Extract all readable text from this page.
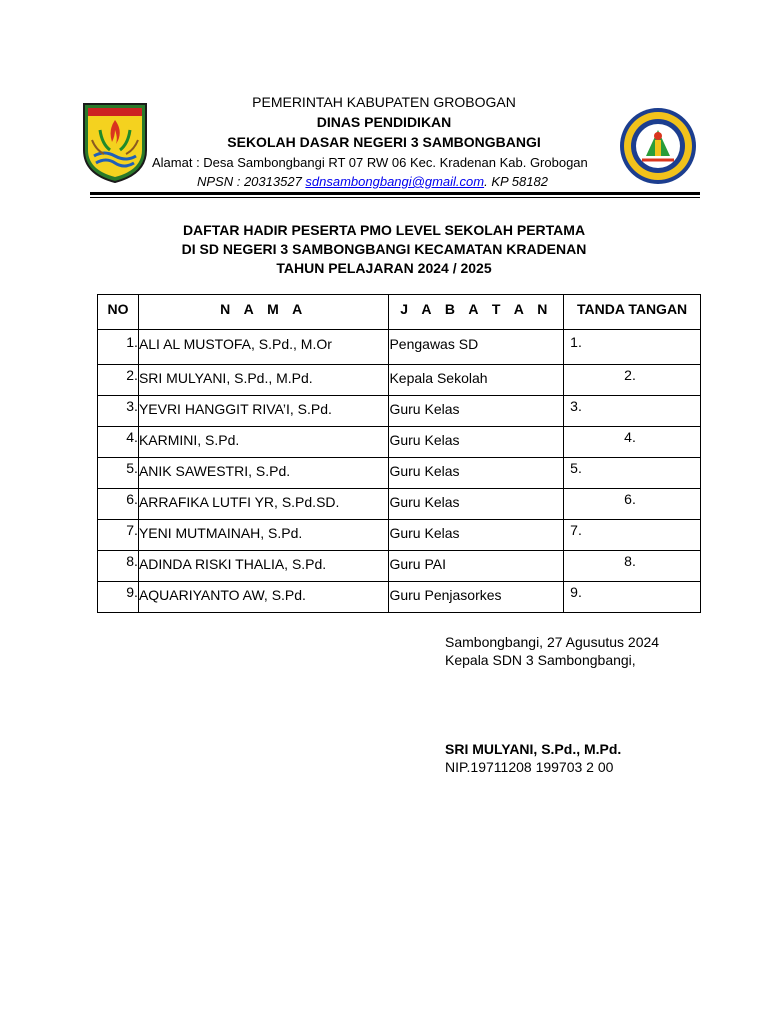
PEMERINTAH KABUPATEN GROBOGAN
DINAS PENDIDIKAN
SEKOLAH DASAR NEGERI 3 SAMBONGBANGI
Alamat : Desa Sambongbangi RT 07 RW 06 Kec. Kradenan Kab. Grobogan
NPSN : 20313527 sdnsambongbangi@gmail.com. KP 58182
DAFTAR HADIR PESERTA PMO LEVEL SEKOLAH PERTAMA
DI SD NEGERI 3 SAMBONGBANGI KECAMATAN KRADENAN
TAHUN PELAJARAN 2024 / 2025
NO	N A M A	J A B A T A N	TANDA TANGAN

1.	ALI AL MUSTOFA, S.Pd., M.Or	Pengawas SD	1.

2.	SRI MULYANI, S.Pd., M.Pd.	Kepala Sekolah	2.

3.	YEVRI HANGGIT RIVA’I, S.Pd.	Guru Kelas	3.

4.	KARMINI, S.Pd.	Guru Kelas	4.

5.	ANIK SAWESTRI, S.Pd.	Guru Kelas	5.

6.	ARRAFIKA LUTFI YR, S.Pd.SD.	Guru Kelas	6.

7.	YENI MUTMAINAH, S.Pd.	Guru Kelas	7.

8.	ADINDA RISKI THALIA, S.Pd.	Guru PAI	8.

9.	AQUARIYANTO AW, S.Pd.	Guru Penjasorkes	9.
Sambongbangi, 27 Agusutus 2024
Kepala SDN 3 Sambongbangi,
SRI MULYANI, S.Pd., M.Pd.
NIP.19711208 199703 2 00
